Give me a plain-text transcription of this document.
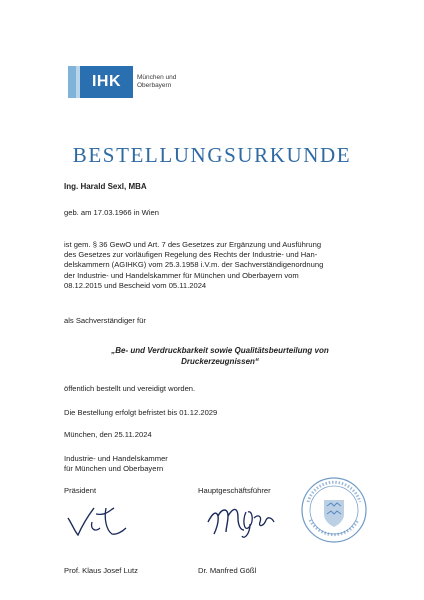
IHK München und
Oberbayern
BESTELLUNGSURKUNDE
Ing. Harald Sexl, MBA
geb. am 17.03.1966 in Wien
ist gem. § 36 GewO und Art. 7 des Gesetzes zur Ergänzung und Ausführung
des Gesetzes zur vorläufigen Regelung des Rechts der Industrie- und Han-
delskammern (AGIHKG) vom 25.3.1958 i.V.m. der Sachverständigenordnung
der Industrie- und Handelskammer für München und Oberbayern vom
08.12.2015 und Bescheid vom 05.11.2024
als Sachverständiger für
„Be- und Verdruckbarkeit sowie Qualitätsbeurteilung von
Druckerzeugnissen“
öffentlich bestellt und vereidigt worden.
Die Bestellung erfolgt befristet bis 01.12.2029
München, den 25.11.2024
Industrie- und Handelskammer
für München und Oberbayern
Präsident	Hauptgeschäftsführer
Prof. Klaus Josef Lutz	Dr. Manfred Gößl
